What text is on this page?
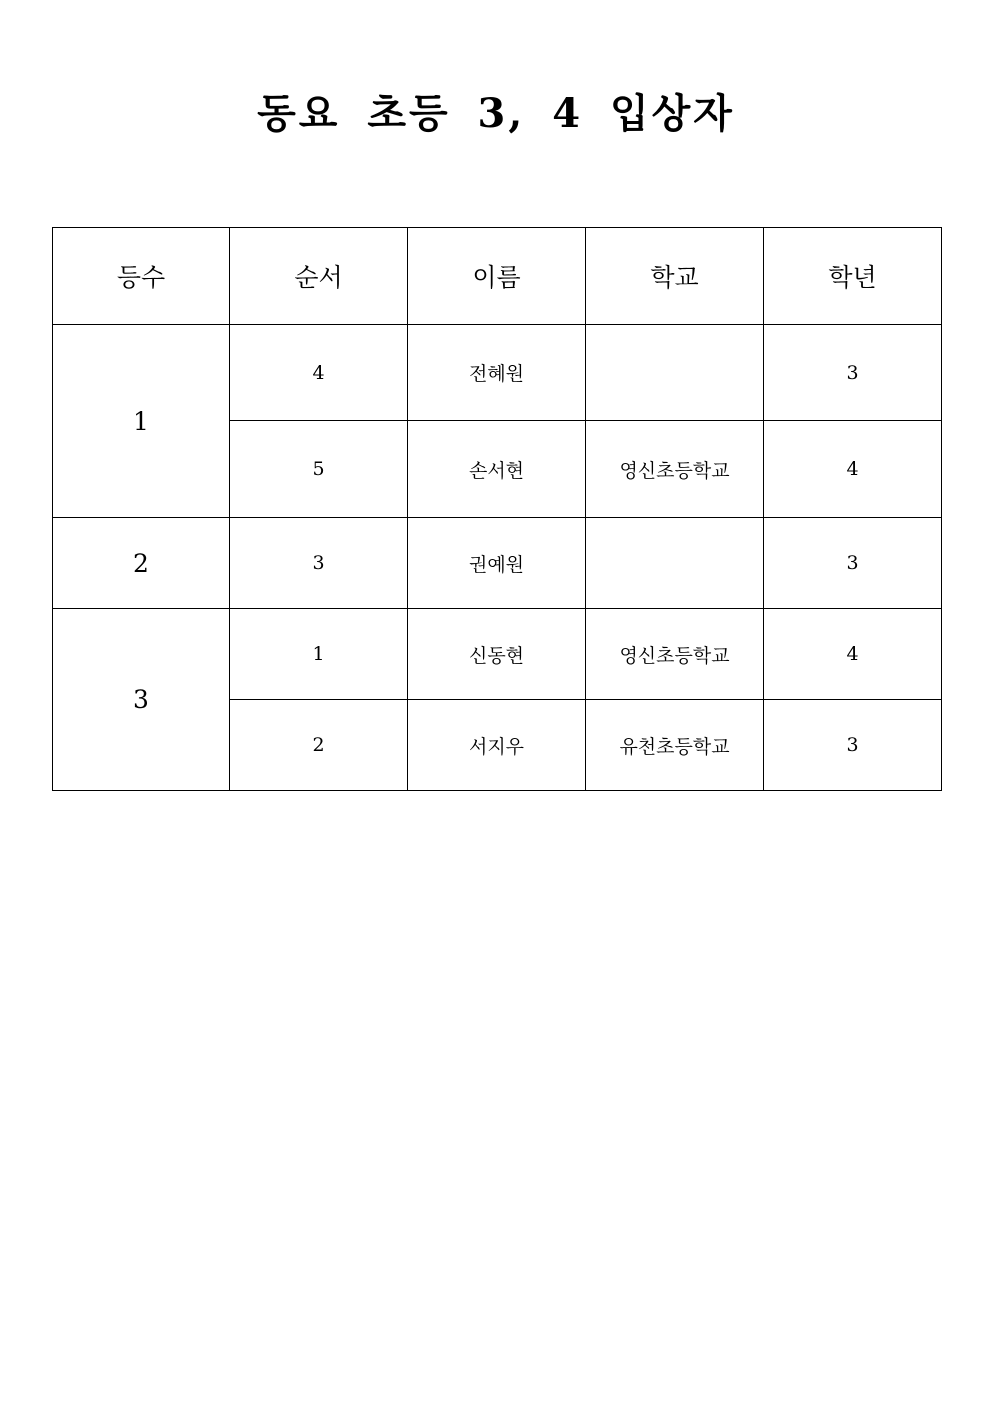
동요 초등 3, 4 입상자
등수	순서	이름	학교	학년
1	4	전혜원		3
	5	손서현	영신초등학교	4
2	3	권예원		3
3	1	신동현	영신초등학교	4
	2	서지우	유천초등학교	3
